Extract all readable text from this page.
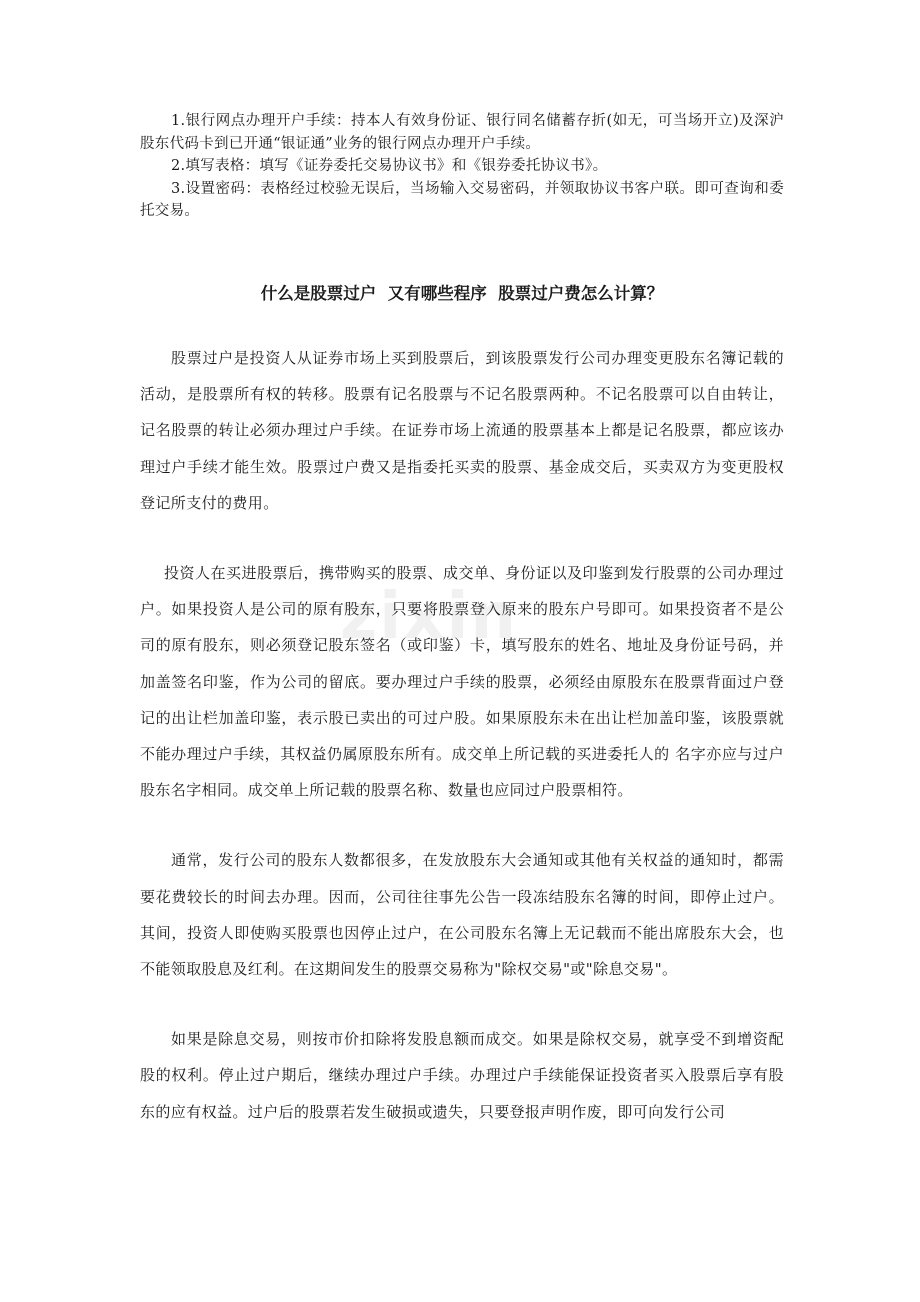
1.银行网点办理开户手续：持本人有效身份证、银行同名储蓄存折(如无，可当场开立)及深沪股东代码卡到已开通“银证通”业务的银行网点办理开户手续。

2.填写表格：填写《证券委托交易协议书》和《银券委托协议书》。

3.设置密码：表格经过校验无误后，当场输入交易密码，并领取协议书客户联。即可查询和委托交易。

什么是股票过户  又有哪些程序  股票过户费怎么计算？

股票过户是投资人从证券市场上买到股票后，到该股票发行公司办理变更股东名簿记载的活动，是股票所有权的转移。股票有记名股票与不记名股票两种。不记名股票可以自由转让，记名股票的转让必须办理过户手续。在证券市场上流通的股票基本上都是记名股票，都应该办理过户手续才能生效。股票过户费又是指委托买卖的股票、基金成交后，买卖双方为变更股权登记所支付的费用。

投资人在买进股票后，携带购买的股票、成交单、身份证以及印鉴到发行股票的公司办理过户。如果投资人是公司的原有股东，只要将股票登入原来的股东户号即可。如果投资者不是公司的原有股东，则必须登记股东签名（或印鉴）卡，填写股东的姓名、地址及身份证号码，并加盖签名印鉴，作为公司的留底。要办理过户手续的股票，必须经由原股东在股票背面过户登记的出让栏加盖印鉴，表示股已卖出的可过户股。如果原股东未在出让栏加盖印鉴，该股票就不能办理过户手续，其权益仍属原股东所有。成交单上所记载的买进委托人的 名字亦应与过户股东名字相同。成交单上所记载的股票名称、数量也应同过户股票相符。

通常，发行公司的股东人数都很多，在发放股东大会通知或其他有关权益的通知时，都需要花费较长的时间去办理。因而，公司往往事先公告一段冻结股东名簿的时间，即停止过户。其间，投资人即使购买股票也因停止过户，在公司股东名簿上无记载而不能出席股东大会，也不能领取股息及红利。在这期间发生的股票交易称为"除权交易"或"除息交易"。

如果是除息交易，则按市价扣除将发股息额而成交。如果是除权交易，就享受不到增资配股的权利。停止过户期后，继续办理过户手续。办理过户手续能保证投资者买入股票后享有股东的应有权益。过户后的股票若发生破损或遗失，只要登报声明作废，即可向发行公司

zixin
